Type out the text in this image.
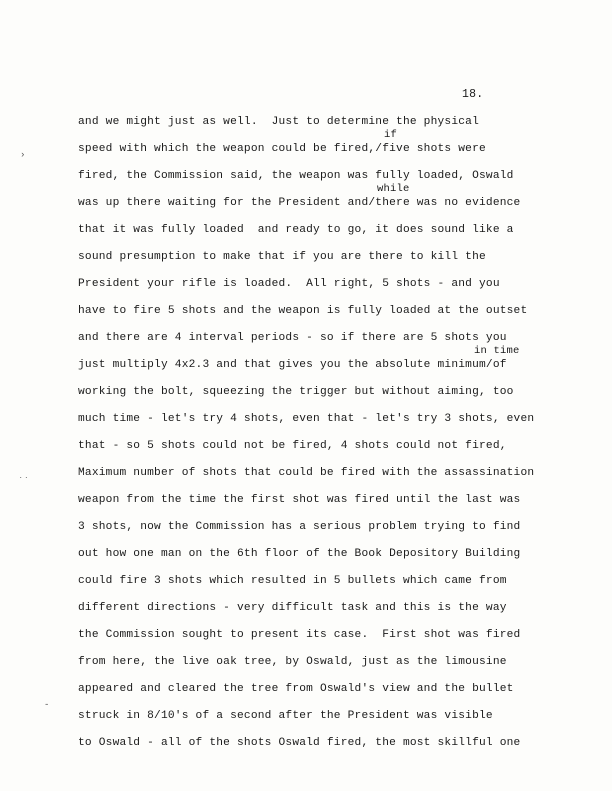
18.
if
while
in time
›
˙˙
-
and we might just as well.  Just to determine the physical
speed with which the weapon could be fired,/five shots were
fired, the Commission said, the weapon was fully loaded, Oswald
was up there waiting for the President and/there was no evidence
that it was fully loaded  and ready to go, it does sound like a
sound presumption to make that if you are there to kill the
President your rifle is loaded.  All right, 5 shots - and you
have to fire 5 shots and the weapon is fully loaded at the outset
and there are 4 interval periods - so if there are 5 shots you
just multiply 4x2.3 and that gives you the absolute minimum/of
working the bolt, squeezing the trigger but without aiming, too
much time - let's try 4 shots, even that - let's try 3 shots, even
that - so 5 shots could not be fired, 4 shots could not fired,
Maximum number of shots that could be fired with the assassination
weapon from the time the first shot was fired until the last was
3 shots, now the Commission has a serious problem trying to find
out how one man on the 6th floor of the Book Depository Building
could fire 3 shots which resulted in 5 bullets which came from
different directions - very difficult task and this is the way
the Commission sought to present its case.  First shot was fired
from here, the live oak tree, by Oswald, just as the limousine
appeared and cleared the tree from Oswald's view and the bullet
struck in 8/10's of a second after the President was visible
to Oswald - all of the shots Oswald fired, the most skillful one
